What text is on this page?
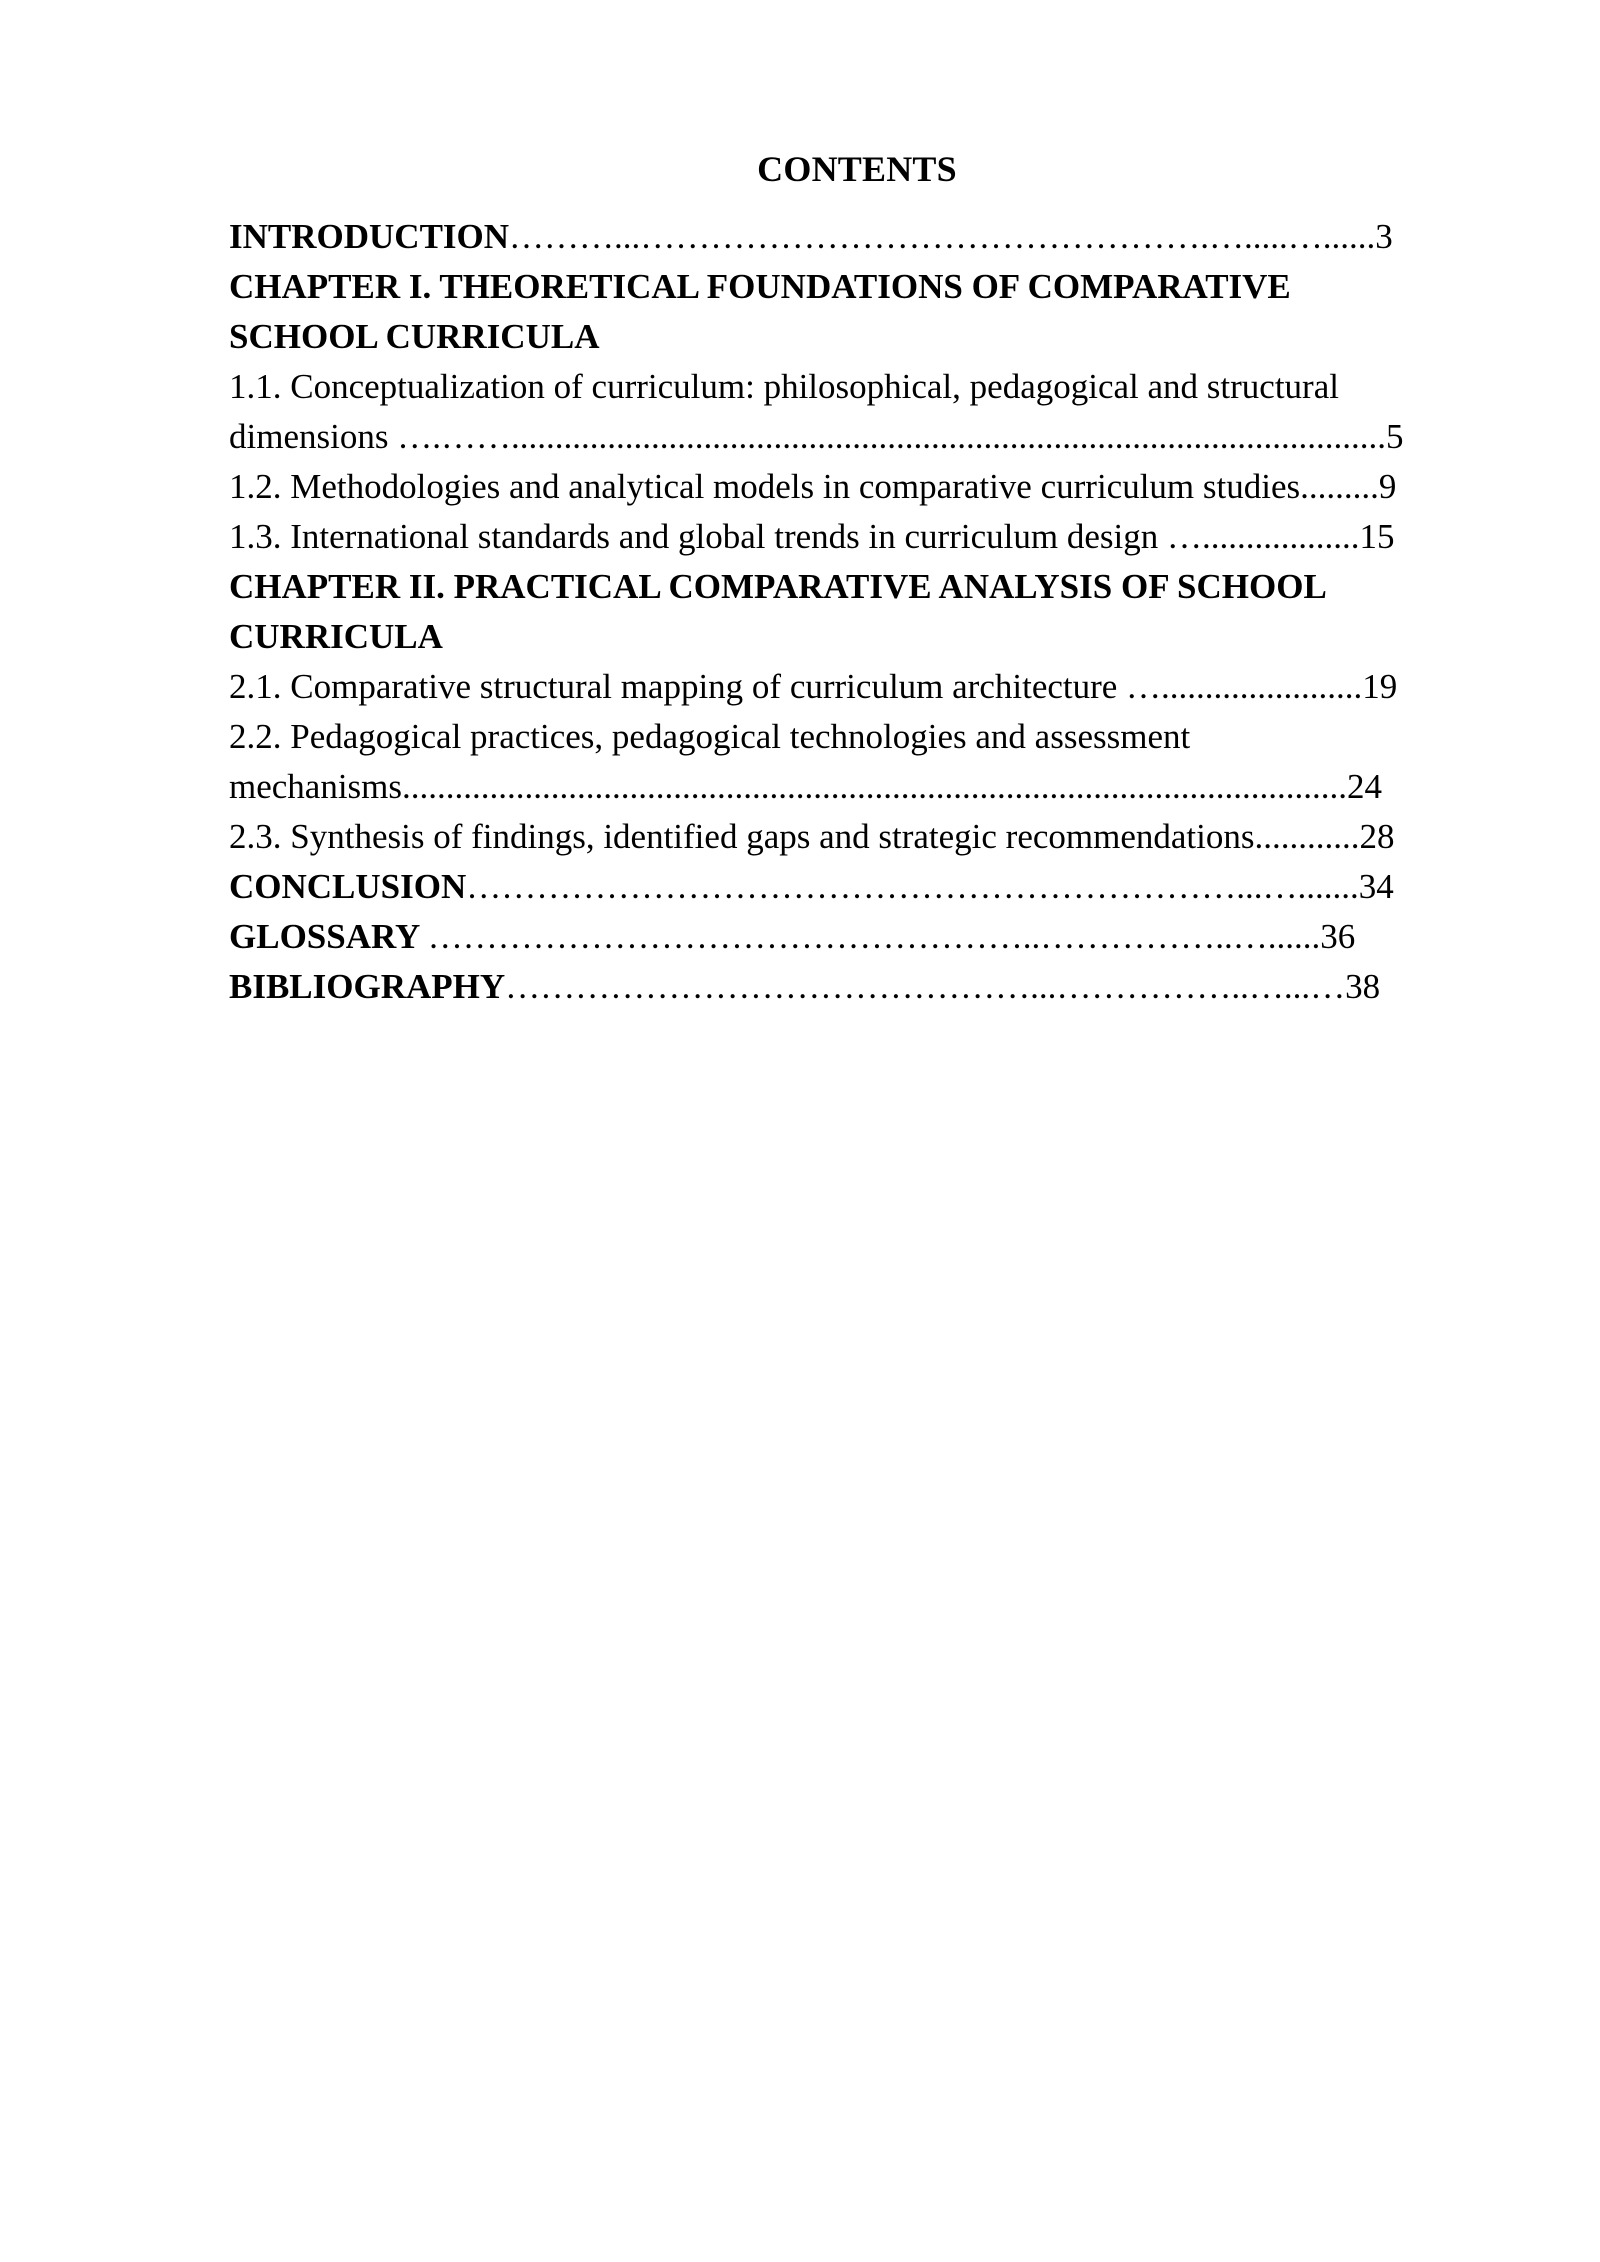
CONTENTS
INTRODUCTION………...………………………………………….….....…......3
CHAPTER I. THEORETICAL FOUNDATIONS OF COMPARATIVE
SCHOOL CURRICULA
1.1. Conceptualization of curriculum: philosophical, pedagogical and structural
dimensions ….……....................................................................................................5
1.2. Methodologies and analytical models in comparative curriculum studies.........9
1.3. International standards and global trends in curriculum design …..................15
CHAPTER II. PRACTICAL COMPARATIVE ANALYSIS OF SCHOOL
CURRICULA
2.1. Comparative structural mapping of curriculum architecture ….......................19
2.2. Pedagogical practices, pedagogical technologies and assessment
mechanisms............................................................................................................24
2.3. Synthesis of findings, identified gaps and strategic recommendations............28
CONCLUSION…………………………………………………………...….......34
GLOSSARY ……………………………………………..……………..…......36
BIBLIOGRAPHY………………………………………...……………..…...…38
